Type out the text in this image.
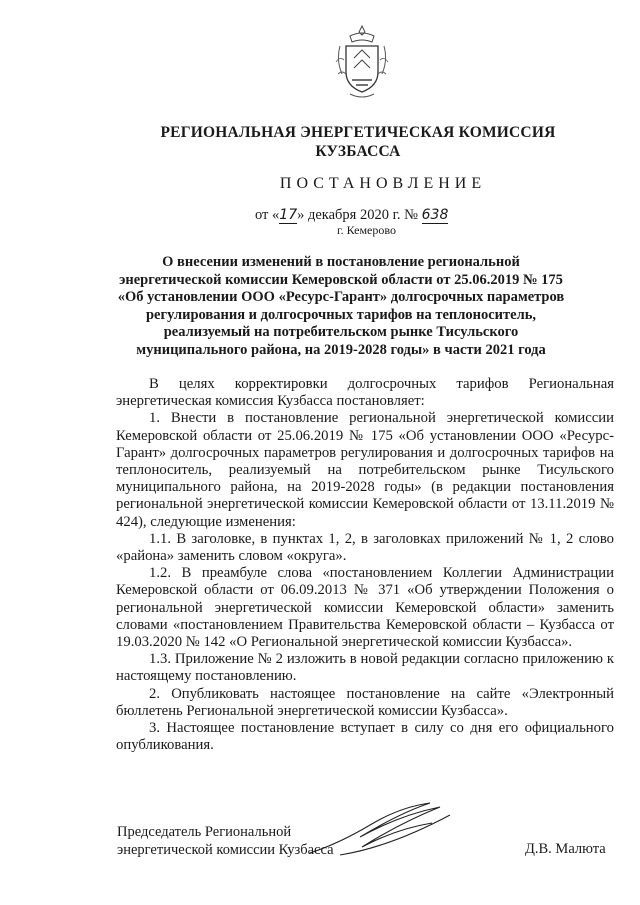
РЕГИОНАЛЬНАЯ ЭНЕРГЕТИЧЕСКАЯ КОМИССИЯ
КУЗБАССА
ПОСТАНОВЛЕНИЕ
от «17» декабря 2020 г. № 638
г. Кемерово
О внесении изменений в постановление региональной
энергетической комиссии Кемеровской области от 25.06.2019 № 175
«Об установлении ООО «Ресурс-Гарант» долгосрочных параметров
регулирования и долгосрочных тарифов на теплоноситель,
реализуемый на потребительском рынке Тисульского
муниципального района, на 2019-2028 годы» в части 2021 года

В целях корректировки долгосрочных тарифов Региональная энергетическая комиссия Кузбасса постановляет:

1. Внести в постановление региональной энергетической комиссии Кемеровской области от 25.06.2019 № 175 «Об установлении ООО «Ресурс-Гарант» долгосрочных параметров регулирования и долгосрочных тарифов на теплоноситель, реализуемый на потребительском рынке Тисульского муниципального района, на 2019-2028 годы» (в редакции постановления региональной энергетической комиссии Кемеровской области от 13.11.2019 № 424), следующие изменения:

1.1. В заголовке, в пунктах 1, 2, в заголовках приложений № 1, 2 слово «района» заменить словом «округа».

1.2. В преамбуле слова «постановлением Коллегии Администрации Кемеровской области от 06.09.2013 № 371 «Об утверждении Положения о региональной энергетической комиссии Кемеровской области» заменить словами «постановлением Правительства Кемеровской области – Кузбасса от 19.03.2020 № 142 «О Региональной энергетической комиссии Кузбасса».

1.3. Приложение № 2 изложить в новой редакции согласно приложению к настоящему постановлению.

2. Опубликовать настоящее постановление на сайте «Электронный бюллетень Региональной энергетической комиссии Кузбасса».

3. Настоящее постановление вступает в силу со дня его официального опубликования.

Председатель Региональной
энергетической комиссии Кузбасса	Д.В. Малюта
